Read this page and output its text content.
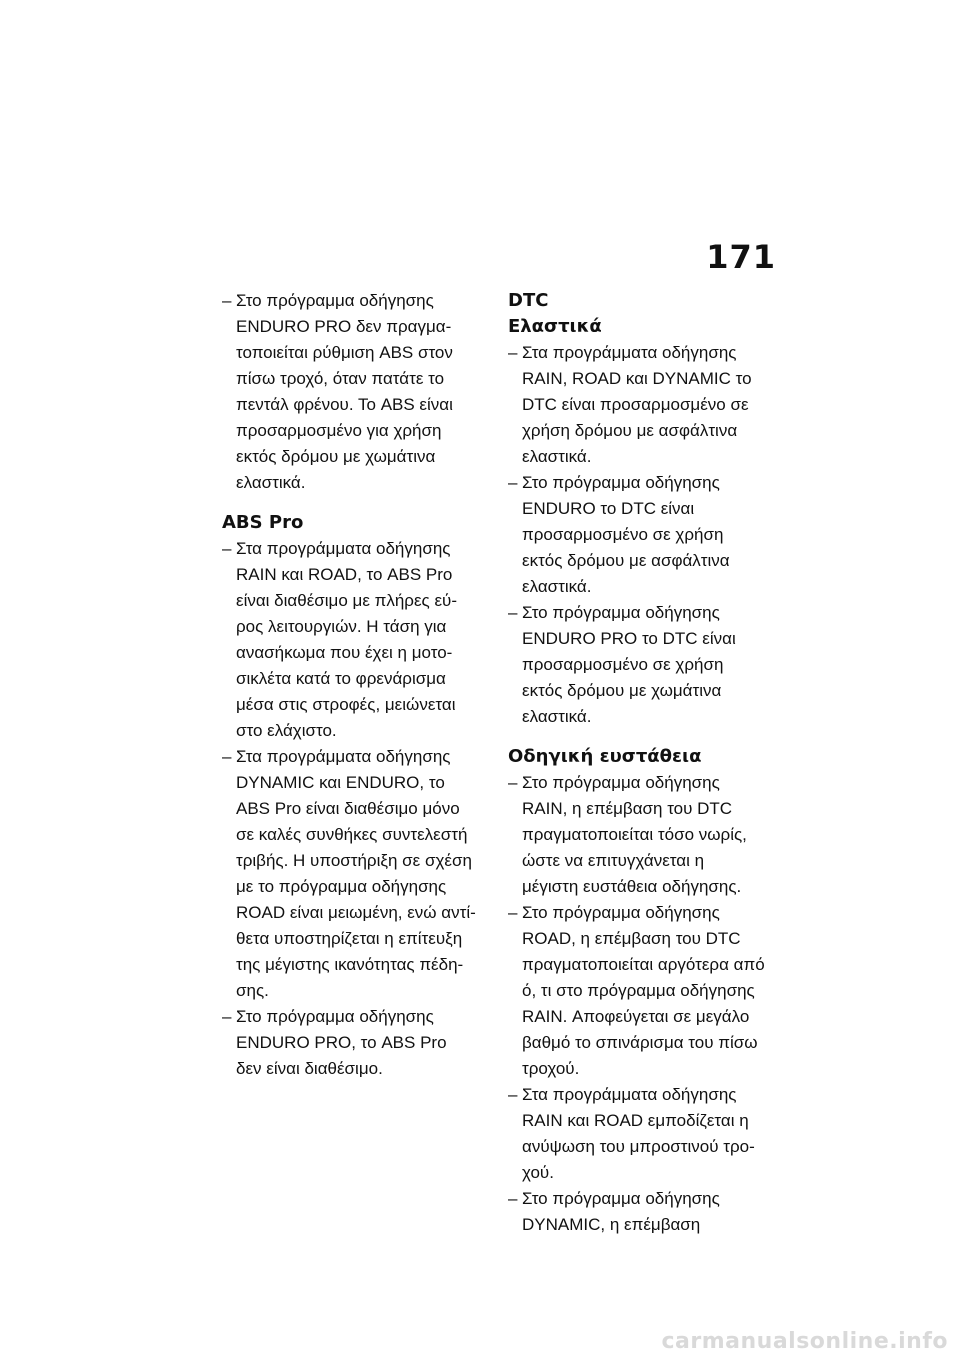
171
– Στο πρόγραμμα οδήγησης
ENDURO PRO δεν πραγμα-
τοποιείται ρύθμιση ABS στον
πίσω τροχό, όταν πατάτε το
πεντάλ φρένου. Το ABS είναι
προσαρμοσμένο για χρήση
εκτός δρόμου με χωμάτινα
ελαστικά.
ABS Pro
– Στα προγράμματα οδήγησης
RAIN και ROAD, το ABS Pro
είναι διαθέσιμο με πλήρες εύ-
ρος λειτουργιών. Η τάση για
ανασήκωμα που έχει η μοτο-
σικλέτα κατά το φρενάρισμα
μέσα στις στροφές, μειώνεται
στο ελάχιστο.
– Στα προγράμματα οδήγησης
DYNAMIC και ENDURO, το
ABS Pro είναι διαθέσιμο μόνο
σε καλές συνθήκες συντελεστή
τριβής. Η υποστήριξη σε σχέση
με το πρόγραμμα οδήγησης
ROAD είναι μειωμένη, ενώ αντί-
θετα υποστηρίζεται η επίτευξη
της μέγιστης ικανότητας πέδη-
σης.
– Στο πρόγραμμα οδήγησης
ENDURO PRO, το ABS Pro
δεν είναι διαθέσιμο.
DTC
Ελαστικά
– Στα προγράμματα οδήγησης
RAIN, ROAD και DYNAMIC το
DTC είναι προσαρμοσμένο σε
χρήση δρόμου με ασφάλτινα
ελαστικά.
– Στο πρόγραμμα οδήγησης
ENDURO το DTC είναι
προσαρμοσμένο σε χρήση
εκτός δρόμου με ασφάλτινα
ελαστικά.
– Στο πρόγραμμα οδήγησης
ENDURO PRO το DTC είναι
προσαρμοσμένο σε χρήση
εκτός δρόμου με χωμάτινα
ελαστικά.
Οδηγική ευστάθεια
– Στο πρόγραμμα οδήγησης
RAIN, η επέμβαση του DTC
πραγματοποιείται τόσο νωρίς,
ώστε να επιτυγχάνεται η
μέγιστη ευστάθεια οδήγησης.
– Στο πρόγραμμα οδήγησης
ROAD, η επέμβαση του DTC
πραγματοποιείται αργότερα από
ό, τι στο πρόγραμμα οδήγησης
RAIN. Αποφεύγεται σε μεγάλο
βαθμό το σπινάρισμα του πίσω
τροχού.
– Στα προγράμματα οδήγησης
RAIN και ROAD εμποδίζεται η
ανύψωση του μπροστινού τρο-
χού.
– Στο πρόγραμμα οδήγησης
DYNAMIC, η επέμβαση
carmanualsonline.info
